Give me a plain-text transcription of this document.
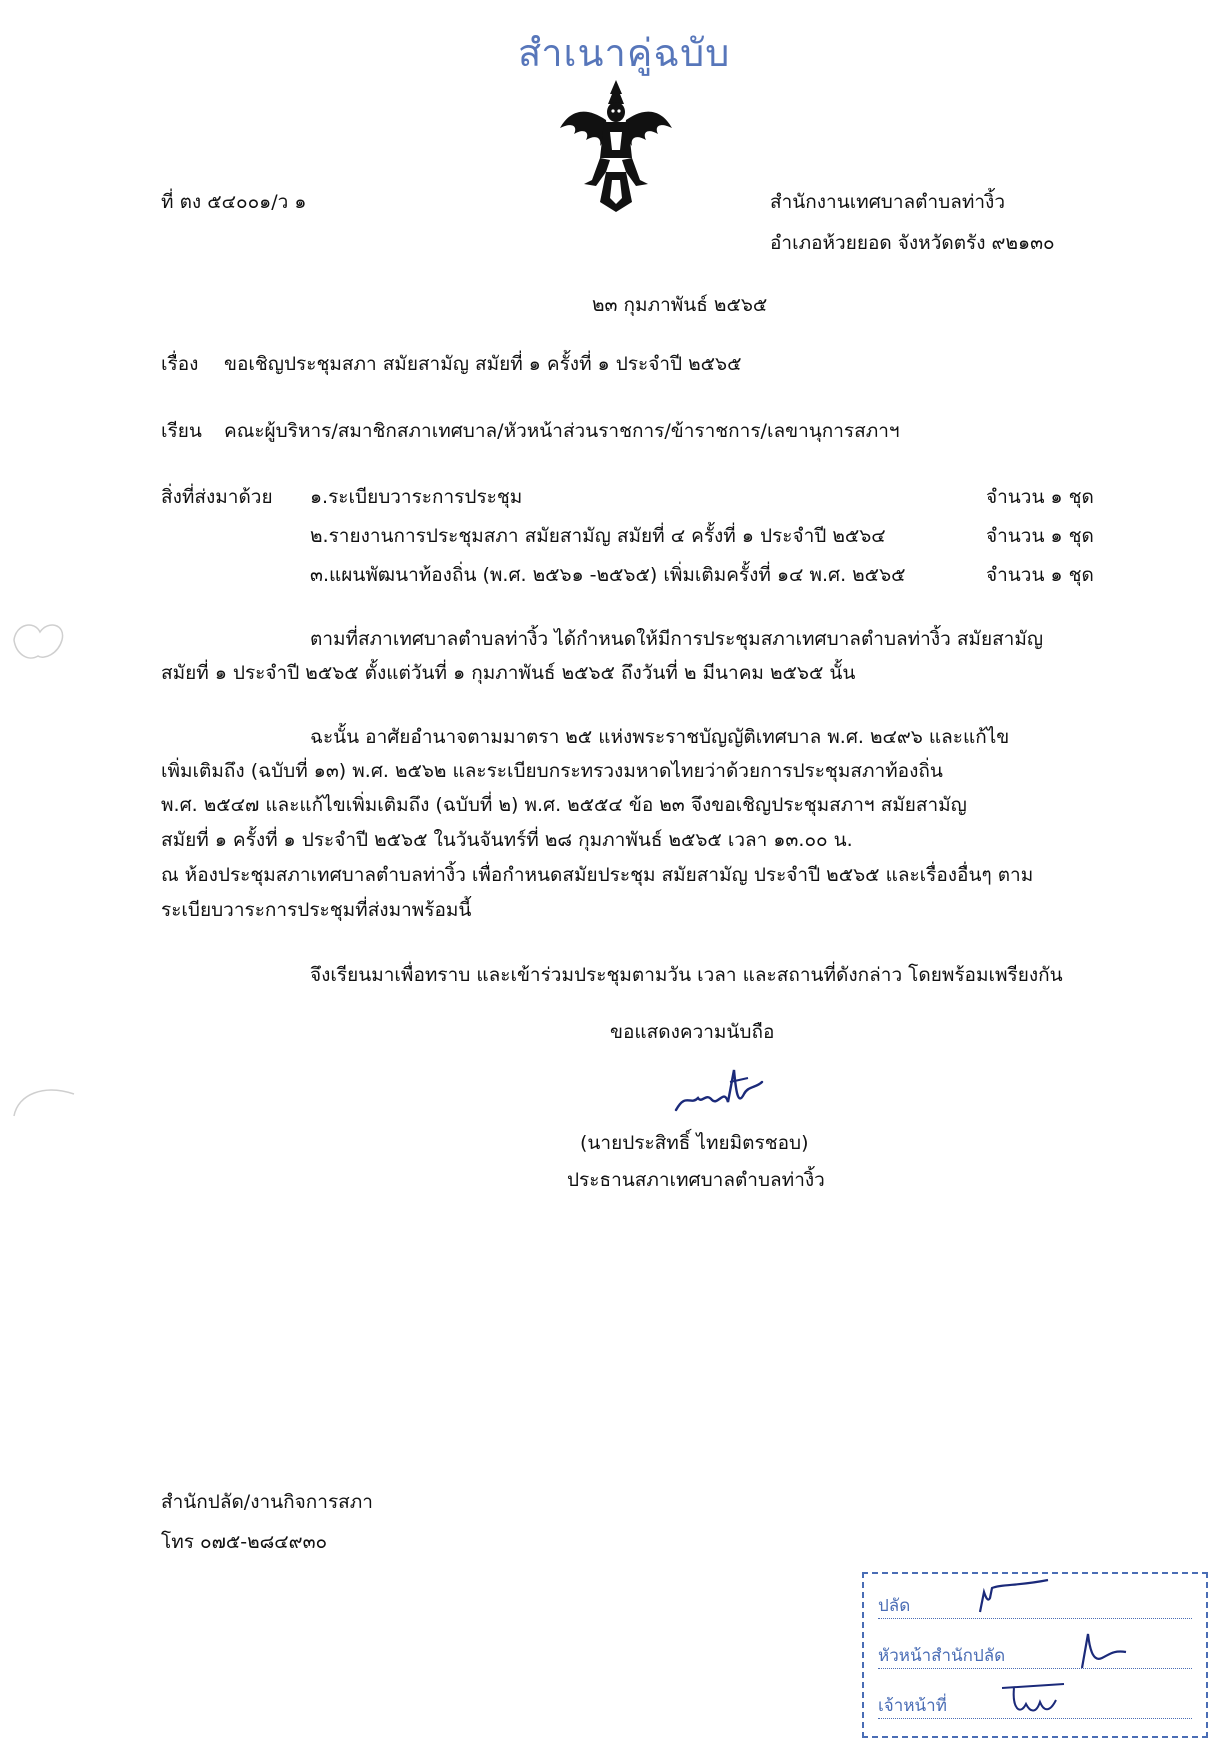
สำเนาคู่ฉบับ
ที่ ตง ๕๔๐๐๑/ว ๑	สำนักงานเทศบาลตำบลท่างิ้ว
อำเภอห้วยยอด จังหวัดตรัง ๙๒๑๓๐
๒๓ กุมภาพันธ์ ๒๕๖๕
เรื่อง ขอเชิญประชุมสภา สมัยสามัญ สมัยที่ ๑ ครั้งที่ ๑ ประจำปี ๒๕๖๕
เรียน คณะผู้บริหาร/สมาชิกสภาเทศบาล/หัวหน้าส่วนราชการ/ข้าราชการ/เลขานุการสภาฯ
สิ่งที่ส่งมาด้วย ๑.ระเบียบวาระการประชุม	จำนวน ๑ ชุด
๒.รายงานการประชุมสภา สมัยสามัญ สมัยที่ ๔ ครั้งที่ ๑ ประจำปี ๒๕๖๔	จำนวน ๑ ชุด
๓.แผนพัฒนาท้องถิ่น (พ.ศ. ๒๕๖๑ -๒๕๖๕) เพิ่มเติมครั้งที่ ๑๔ พ.ศ. ๒๕๖๕	จำนวน ๑ ชุด
ตามที่สภาเทศบาลตำบลท่างิ้ว ได้กำหนดให้มีการประชุมสภาเทศบาลตำบลท่างิ้ว สมัยสามัญ
สมัยที่ ๑ ประจำปี ๒๕๖๕ ตั้งแต่วันที่ ๑ กุมภาพันธ์ ๒๕๖๕ ถึงวันที่ ๒ มีนาคม ๒๕๖๕ นั้น
ฉะนั้น อาศัยอำนาจตามมาตรา ๒๕ แห่งพระราชบัญญัติเทศบาล พ.ศ. ๒๔๙๖ และแก้ไข
เพิ่มเติมถึง (ฉบับที่ ๑๓) พ.ศ. ๒๕๖๒ และระเบียบกระทรวงมหาดไทยว่าด้วยการประชุมสภาท้องถิ่น
พ.ศ. ๒๕๔๗ และแก้ไขเพิ่มเติมถึง (ฉบับที่ ๒) พ.ศ. ๒๕๕๔ ข้อ ๒๓ จึงขอเชิญประชุมสภาฯ สมัยสามัญ
สมัยที่ ๑ ครั้งที่ ๑ ประจำปี ๒๕๖๕ ในวันจันทร์ที่ ๒๘ กุมภาพันธ์ ๒๕๖๕ เวลา ๑๓.๐๐ น.
ณ ห้องประชุมสภาเทศบาลตำบลท่างิ้ว เพื่อกำหนดสมัยประชุม สมัยสามัญ ประจำปี ๒๕๖๕ และเรื่องอื่นๆ ตาม
ระเบียบวาระการประชุมที่ส่งมาพร้อมนี้
จึงเรียนมาเพื่อทราบ และเข้าร่วมประชุมตามวัน เวลา และสถานที่ดังกล่าว โดยพร้อมเพรียงกัน
ขอแสดงความนับถือ
(นายประสิทธิ์ ไทยมิตรชอบ)
ประธานสภาเทศบาลตำบลท่างิ้ว
สำนักปลัด/งานกิจการสภา
โทร ๐๗๕-๒๘๔๙๓๐
ปลัด
หัวหน้าสำนักปลัด
เจ้าหน้าที่
